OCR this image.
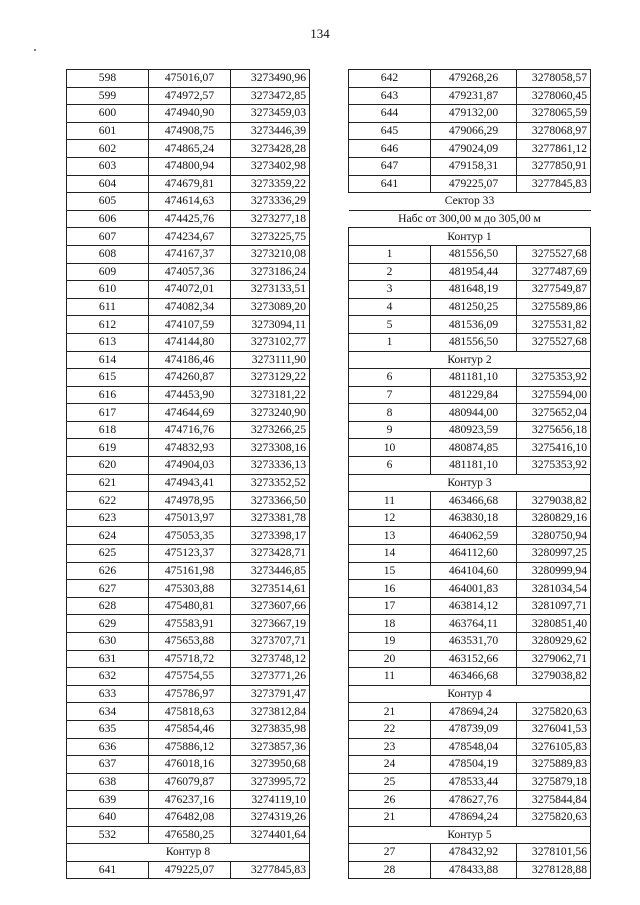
134
598	475016,07	3273490,96
599	474972,57	3273472,85
600	474940,90	3273459,03
601	474908,75	3273446,39
602	474865,24	3273428,28
603	474800,94	3273402,98
604	474679,81	3273359,22
605	474614,63	3273336,29
606	474425,76	3273277,18
607	474234,67	3273225,75
608	474167,37	3273210,08
609	474057,36	3273186,24
610	474072,01	3273133,51
611	474082,34	3273089,20
612	474107,59	3273094,11
613	474144,80	3273102,77
614	474186,46	3273111,90
615	474260,87	3273129,22
616	474453,90	3273181,22
617	474644,69	3273240,90
618	474716,76	3273266,25
619	474832,93	3273308,16
620	474904,03	3273336,13
621	474943,41	3273352,52
622	474978,95	3273366,50
623	475013,97	3273381,78
624	475053,35	3273398,17
625	475123,37	3273428,71
626	475161,98	3273446,85
627	475303,88	3273514,61
628	475480,81	3273607,66
629	475583,91	3273667,19
630	475653,88	3273707,71
631	475718,72	3273748,12
632	475754,55	3273771,26
633	475786,97	3273791,47
634	475818,63	3273812,84
635	475854,46	3273835,98
636	475886,12	3273857,36
637	476018,16	3273950,68
638	476079,87	3273995,72
639	476237,16	3274119,10
640	476482,08	3274319,26
532	476580,25	3274401,64
Контур 8		
641	479225,07	3277845,83
642	479268,26	3278058,57
643	479231,87	3278060,45
644	479132,00	3278065,59
645	479066,29	3278068,97
646	479024,09	3277861,12
647	479158,31	3277850,91
641	479225,07	3277845,83
Сектор 33		
Набс от 300,00 м до 305,00 м		
Контур 1		
1	481556,50	3275527,68
2	481954,44	3277487,69
3	481648,19	3277549,87
4	481250,25	3275589,86
5	481536,09	3275531,82
1	481556,50	3275527,68
Контур 2		
6	481181,10	3275353,92
7	481229,84	3275594,00
8	480944,00	3275652,04
9	480923,59	3275656,18
10	480874,85	3275416,10
6	481181,10	3275353,92
Контур 3		
11	463466,68	3279038,82
12	463830,18	3280829,16
13	464062,59	3280750,94
14	464112,60	3280997,25
15	464104,60	3280999,94
16	464001,83	3281034,54
17	463814,12	3281097,71
18	463764,11	3280851,40
19	463531,70	3280929,62
20	463152,66	3279062,71
11	463466,68	3279038,82
Контур 4		
21	478694,24	3275820,63
22	478739,09	3276041,53
23	478548,04	3276105,83
24	478504,19	3275889,83
25	478533,44	3275879,18
26	478627,76	3275844,84
21	478694,24	3275820,63
Контур 5		
27	478432,92	3278101,56
28	478433,88	3278128,88
